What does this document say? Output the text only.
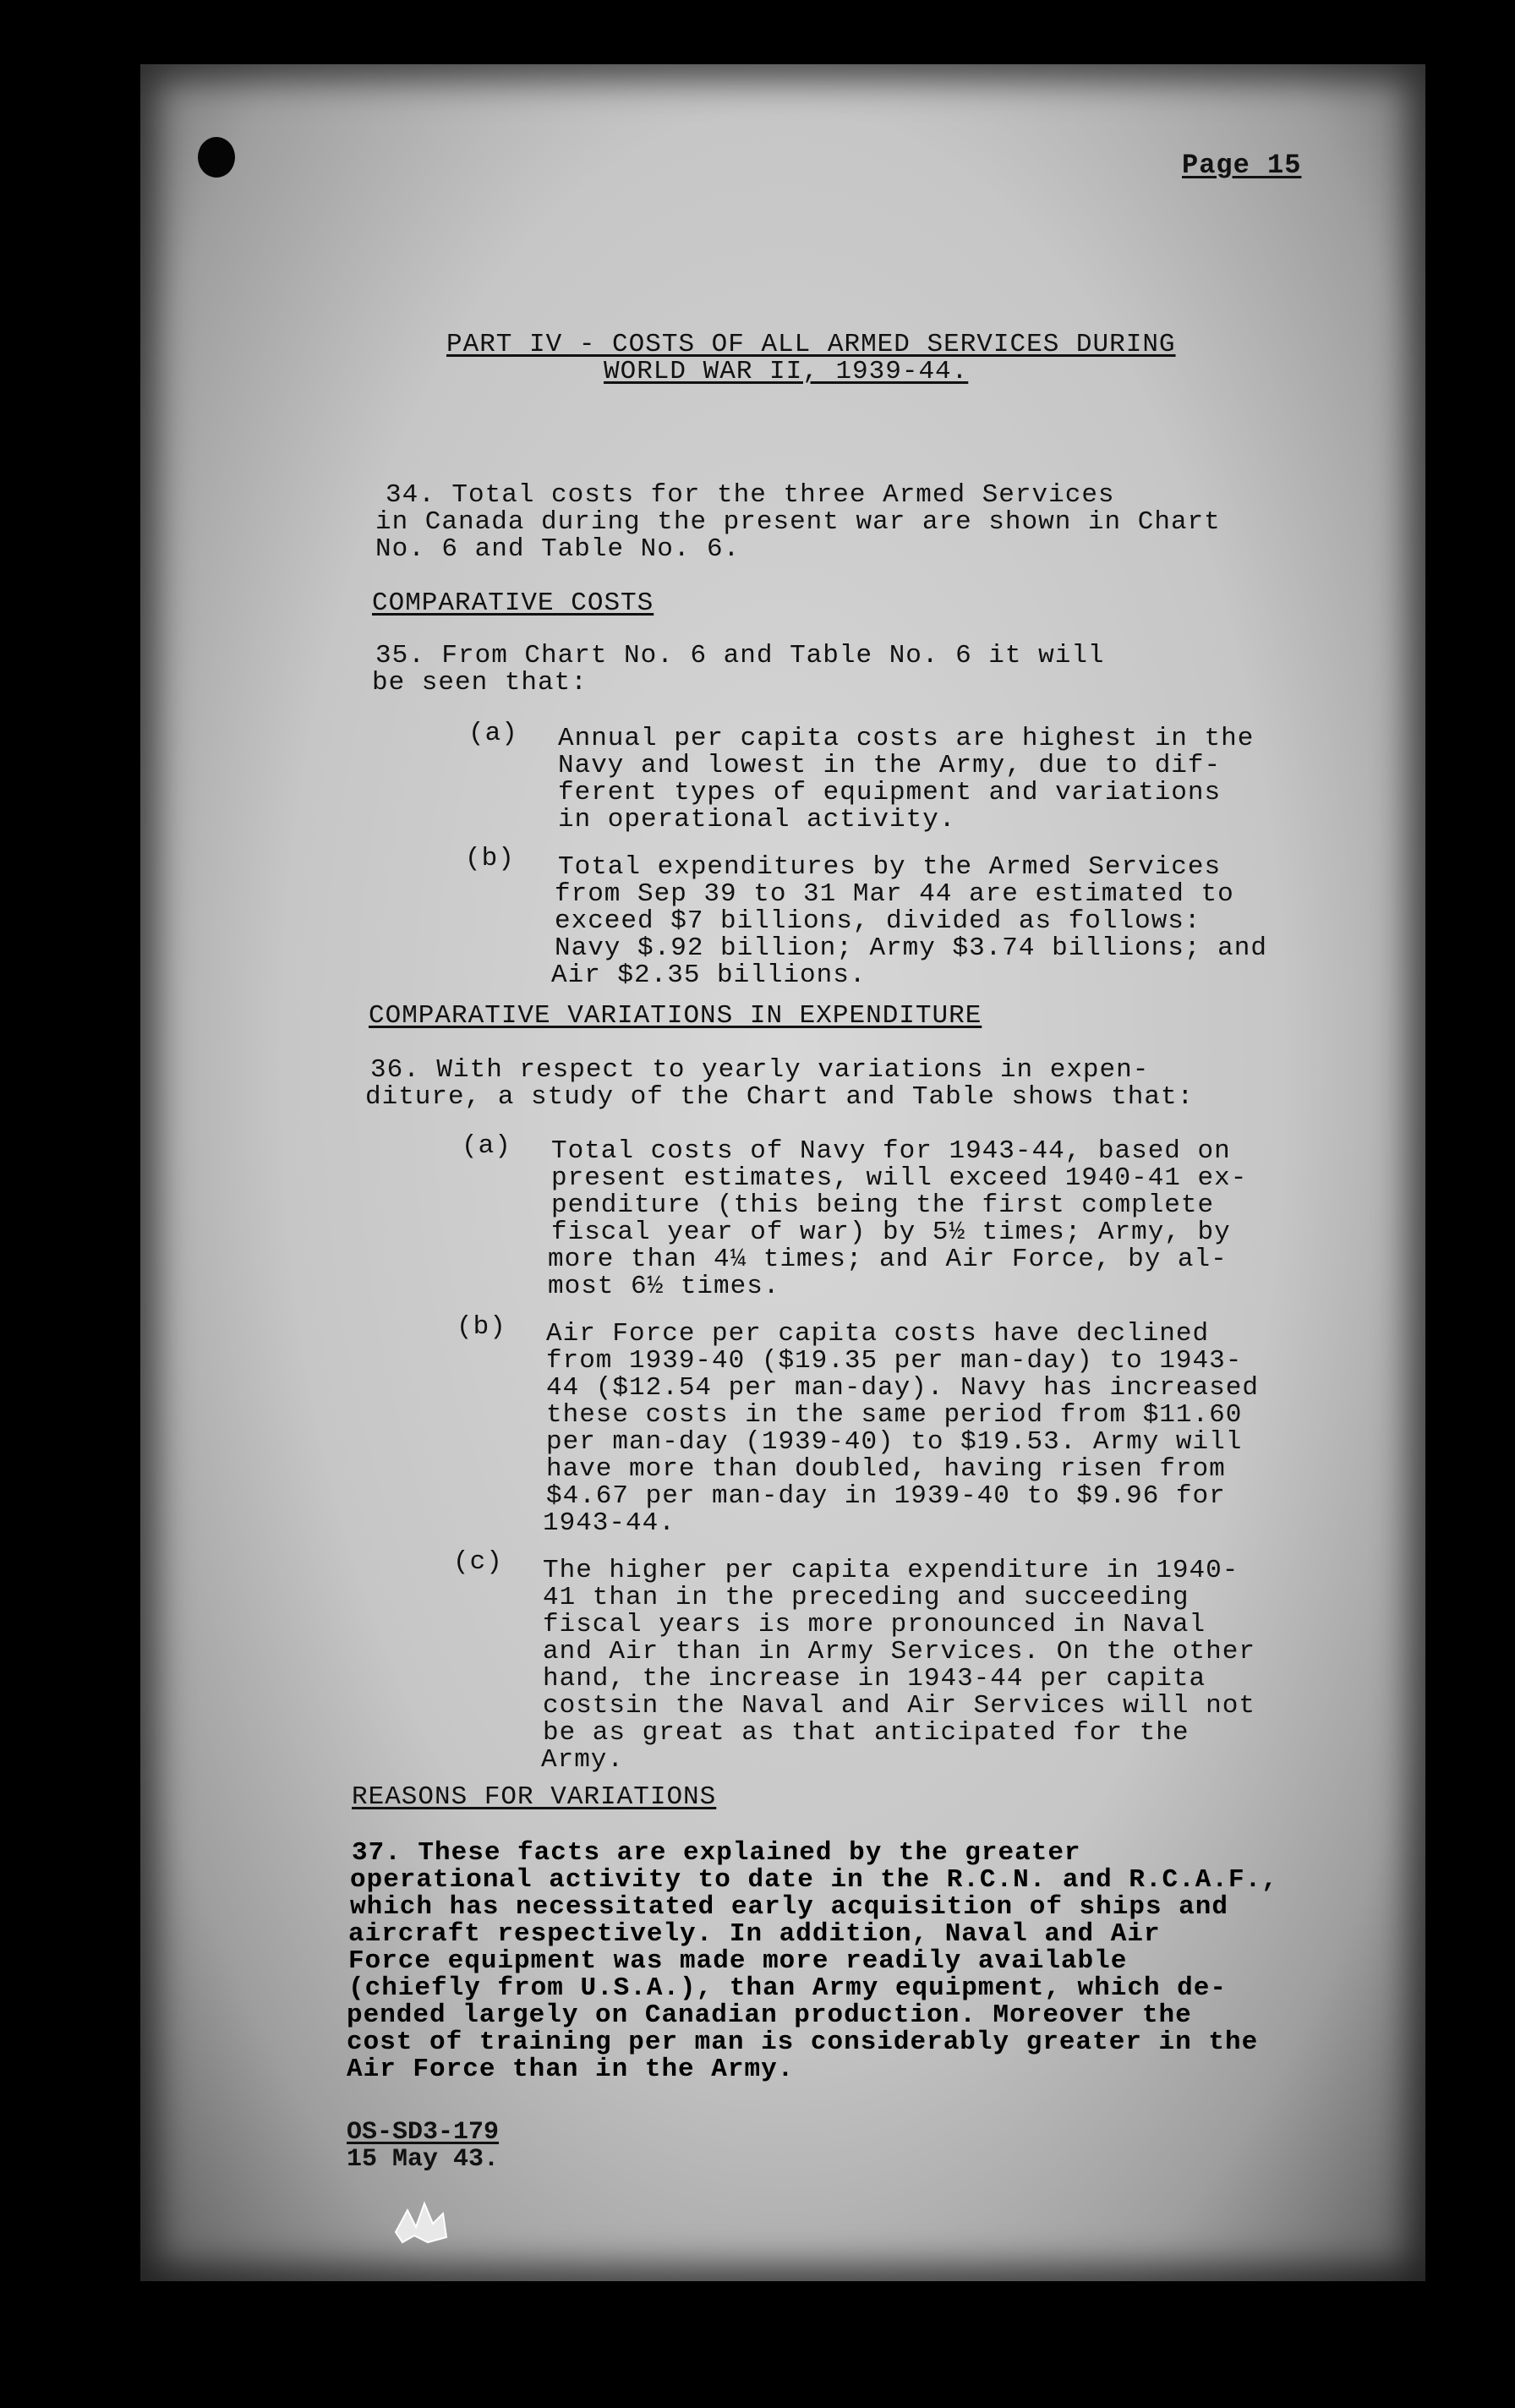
Page 15
PART IV - COSTS OF ALL ARMED SERVICES DURING
WORLD WAR II, 1939-44.
34. Total costs for the three Armed Services
in Canada during the present war are shown in Chart
No. 6 and Table No. 6.
COMPARATIVE COSTS
35. From Chart No. 6 and Table No. 6 it will
be seen that:
(a) Annual per capita costs are highest in the
Navy and lowest in the Army, due to dif-
ferent types of equipment and variations
in operational activity.
(b) Total expenditures by the Armed Services
from Sep 39 to 31 Mar 44 are estimated to
exceed $7 billions, divided as follows:
Navy $.92 billion; Army $3.74 billions; and
Air $2.35 billions.
COMPARATIVE VARIATIONS IN EXPENDITURE
36. With respect to yearly variations in expen-
diture, a study of the Chart and Table shows that:
(a) Total costs of Navy for 1943-44, based on
present estimates, will exceed 1940-41 ex-
penditure (this being the first complete
fiscal year of war) by 5½ times; Army, by
more than 4¼ times; and Air Force, by al-
most 6½ times.
(b) Air Force per capita costs have declined
from 1939-40 ($19.35 per man-day) to 1943-
44 ($12.54 per man-day). Navy has increased
these costs in the same period from $11.60
per man-day (1939-40) to $19.53. Army will
have more than doubled, having risen from
$4.67 per man-day in 1939-40 to $9.96 for
1943-44.
(c) The higher per capita expenditure in 1940-
41 than in the preceding and succeeding
fiscal years is more pronounced in Naval
and Air than in Army Services. On the other
hand, the increase in 1943-44 per capita
costsin the Naval and Air Services will not
be as great as that anticipated for the
Army.
REASONS FOR VARIATIONS
37. These facts are explained by the greater
operational activity to date in the R.C.N. and R.C.A.F.,
which has necessitated early acquisition of ships and
aircraft respectively. In addition, Naval and Air
Force equipment was made more readily available
(chiefly from U.S.A.), than Army equipment, which de-
pended largely on Canadian production. Moreover the
cost of training per man is considerably greater in the
Air Force than in the Army.
OS-SD3-179
15 May 43.
